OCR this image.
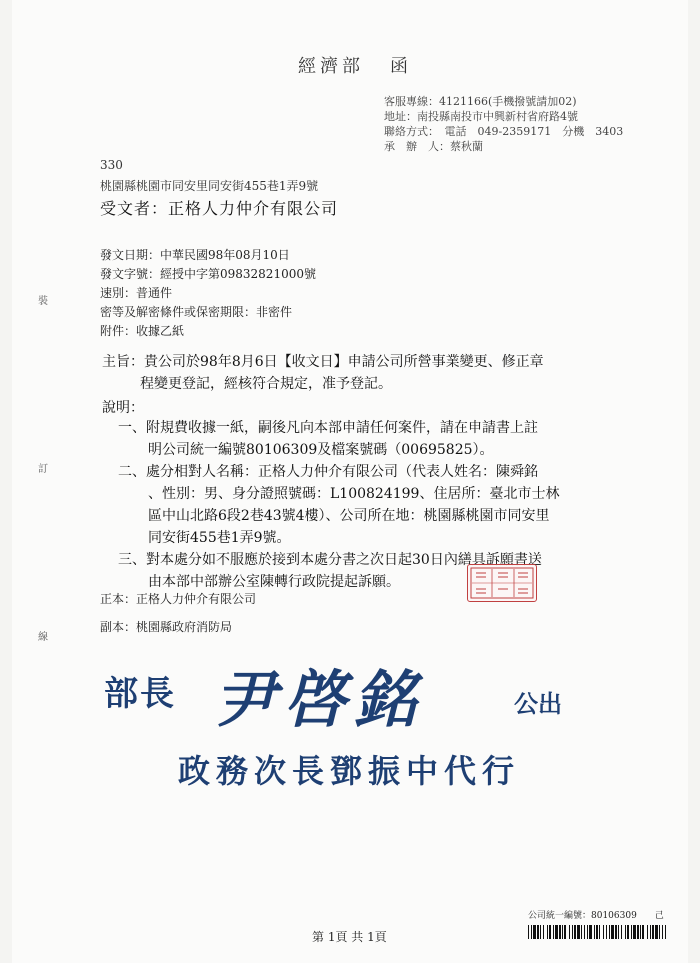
經濟部 函
客服專線：4121166(手機撥號請加02)
地址：南投縣南投市中興新村省府路4號
聯絡方式：　電話　049-2359171　分機　3403
承　辦　人：蔡秋蘭
330
桃園縣桃園市同安里同安街455巷1弄9號
受文者：正格人力仲介有限公司
發文日期：中華民國98年08月10日
發文字號：經授中字第09832821000號
速別：普通件
密等及解密條件或保密期限：非密件
附件：收據乙紙
裝
訂
線
主旨：貴公司於98年8月6日【收文日】申請公司所營事業變更、修正章
程變更登記，經核符合規定，准予登記。
說明：
一、附規費收據一紙，嗣後凡向本部申請任何案件，請在申請書上註
明公司統一編號80106309及檔案號碼（00695825）。
二、處分相對人名稱：正格人力仲介有限公司（代表人姓名：陳舜銘
、性別：男、身分證照號碼：L100824199、住居所：臺北市士林
區中山北路6段2巷43號4樓）、公司所在地：桃園縣桃園市同安里
同安街455巷1弄9號。
三、對本處分如不服應於接到本處分書之次日起30日內繕具訴願書送
由本部中部辦公室陳轉行政院提起訴願。
正本：正格人力仲介有限公司
副本：桃園縣政府消防局
部長 尹啓銘	公出
政務次長鄧振中代行
公司統一編號：80106309　　己
第 1頁 共 1頁
